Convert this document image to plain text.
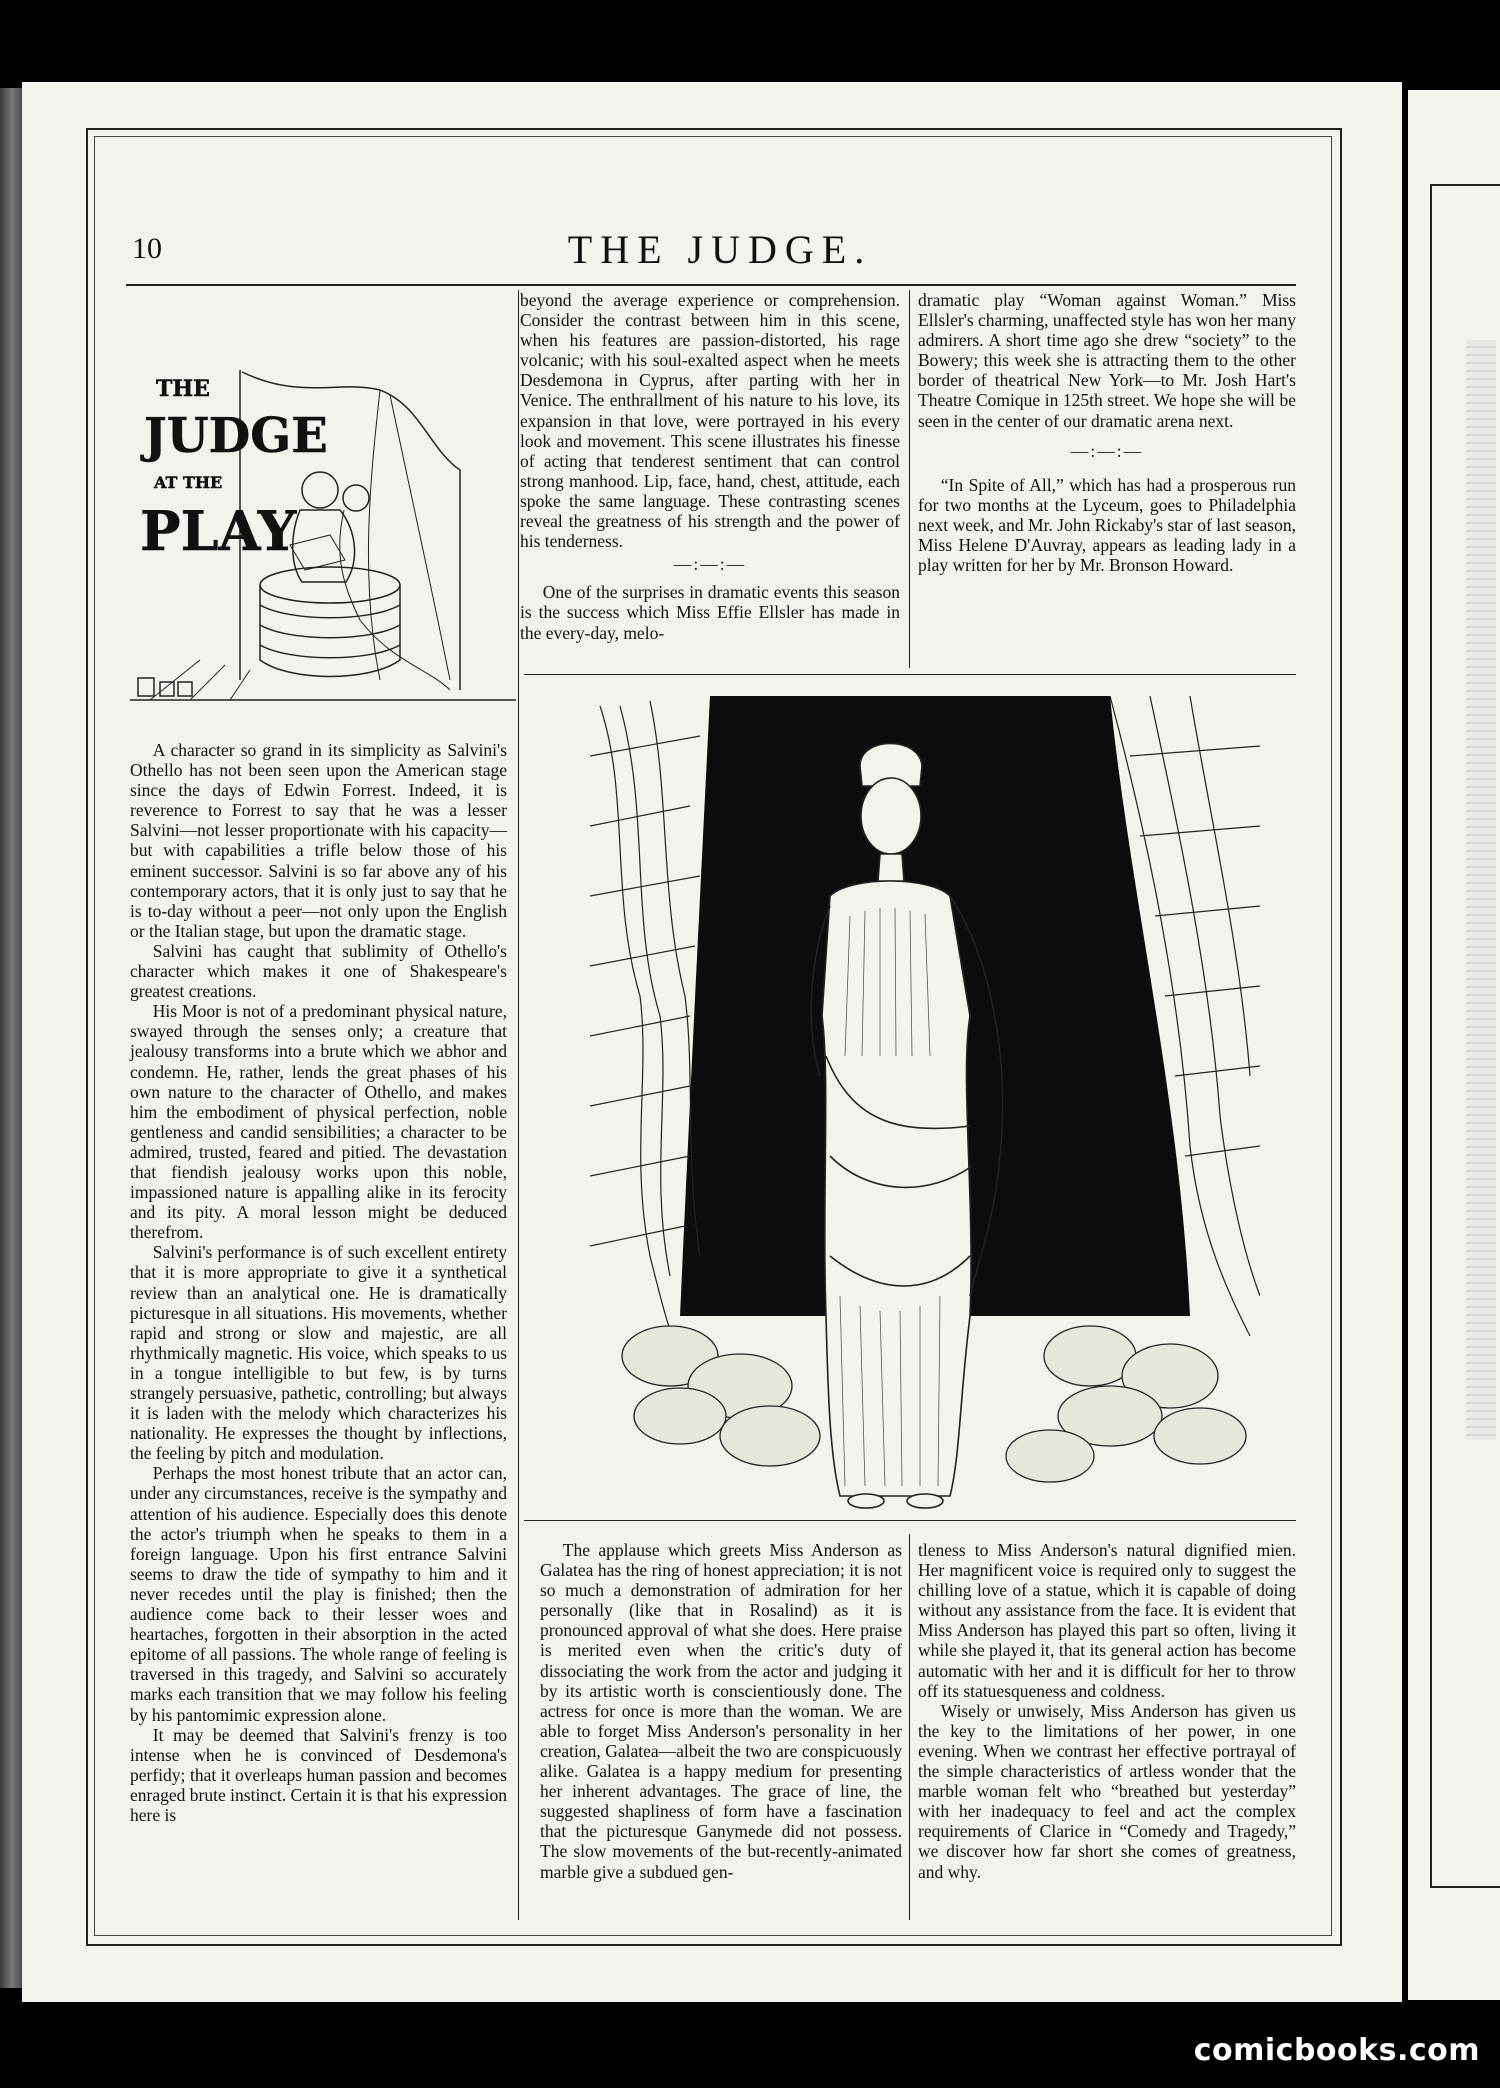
10	THE JUDGE.
THE
JUDGE
AT THE
PLAY

A character so grand in its simplicity as Salvini's Othello has not been seen upon the American stage since the days of Edwin Forrest. Indeed, it is reverence to Forrest to say that he was a lesser Salvini—not lesser proportionate with his capacity—but with capabilities a trifle below those of his eminent successor. Salvini is so far above any of his contemporary actors, that it is only just to say that he is to-day without a peer—not only upon the English or the Italian stage, but upon the dramatic stage.

Salvini has caught that sublimity of Othello's character which makes it one of Shakespeare's greatest creations.

His Moor is not of a predominant physical nature, swayed through the senses only; a creature that jealousy transforms into a brute which we abhor and condemn. He, rather, lends the great phases of his own nature to the character of Othello, and makes him the embodiment of physical perfection, noble gentleness and candid sensibilities; a character to be admired, trusted, feared and pitied. The devastation that fiendish jealousy works upon this noble, impassioned nature is appalling alike in its ferocity and its pity. A moral lesson might be deduced therefrom.

Salvini's performance is of such excellent entirety that it is more appropriate to give it a synthetical review than an analytical one. He is dramatically picturesque in all situations. His movements, whether rapid and strong or slow and majestic, are all rhythmically magnetic. His voice, which speaks to us in a tongue intelligible to but few, is by turns strangely persuasive, pathetic, controlling; but always it is laden with the melody which characterizes his nationality. He expresses the thought by inflections, the feeling by pitch and modulation.

Perhaps the most honest tribute that an actor can, under any circumstances, receive is the sympathy and attention of his audience. Especially does this denote the actor's triumph when he speaks to them in a foreign language. Upon his first entrance Salvini seems to draw the tide of sympathy to him and it never recedes until the play is finished; then the audience come back to their lesser woes and heartaches, forgotten in their absorption in the acted epitome of all passions. The whole range of feeling is traversed in this tragedy, and Salvini so accurately marks each transition that we may follow his feeling by his pantomimic expression alone.

It may be deemed that Salvini's frenzy is too intense when he is convinced of Desdemona's perfidy; that it overleaps human passion and becomes enraged brute instinct. Certain it is that his expression here is

beyond the average experience or comprehension. Consider the contrast between him in this scene, when his features are passion-distorted, his rage volcanic; with his soul-exalted aspect when he meets Desdemona in Cyprus, after parting with her in Venice. The enthrallment of his nature to his love, its expansion in that love, were portrayed in his every look and movement. This scene illustrates his finesse of acting that tenderest sentiment that can control strong manhood. Lip, face, hand, chest, attitude, each spoke the same language. These contrasting scenes reveal the greatness of his strength and the power of his tenderness.

—:—:—

One of the surprises in dramatic events this season is the success which Miss Effie Ellsler has made in the every-day, melo-

dramatic play “Woman against Woman.” Miss Ellsler's charming, unaffected style has won her many admirers. A short time ago she drew “society” to the Bowery; this week she is attracting them to the other border of theatrical New York—to Mr. Josh Hart's Theatre Comique in 125th street. We hope she will be seen in the center of our dramatic arena next.

—:—:—

“In Spite of All,” which has had a prosperous run for two months at the Lyceum, goes to Philadelphia next week, and Mr. John Rickaby's star of last season, Miss Helene D'Auvray, appears as leading lady in a play written for her by Mr. Bronson Howard.

The applause which greets Miss Anderson as Galatea has the ring of honest appreciation; it is not so much a demonstration of admiration for her personally (like that in Rosalind) as it is pronounced approval of what she does. Here praise is merited even when the critic's duty of dissociating the work from the actor and judging it by its artistic worth is conscientiously done. The actress for once is more than the woman. We are able to forget Miss Anderson's personality in her creation, Galatea—albeit the two are conspicuously alike. Galatea is a happy medium for presenting her inherent advantages. The grace of line, the suggested shapliness of form have a fascination that the picturesque Ganymede did not possess. The slow movements of the but-recently-animated marble give a subdued gen-

tleness to Miss Anderson's natural dignified mien. Her magnificent voice is required only to suggest the chilling love of a statue, which it is capable of doing without any assistance from the face. It is evident that Miss Anderson has played this part so often, living it while she played it, that its general action has become automatic with her and it is difficult for her to throw off its statuesqueness and coldness.

Wisely or unwisely, Miss Anderson has given us the key to the limitations of her power, in one evening. When we contrast her effective portrayal of the simple characteristics of artless wonder that the marble woman felt who “breathed but yesterday” with her inadequacy to feel and act the complex requirements of Clarice in “Comedy and Tragedy,” we discover how far short she comes of greatness, and why.

comicbooks.com
